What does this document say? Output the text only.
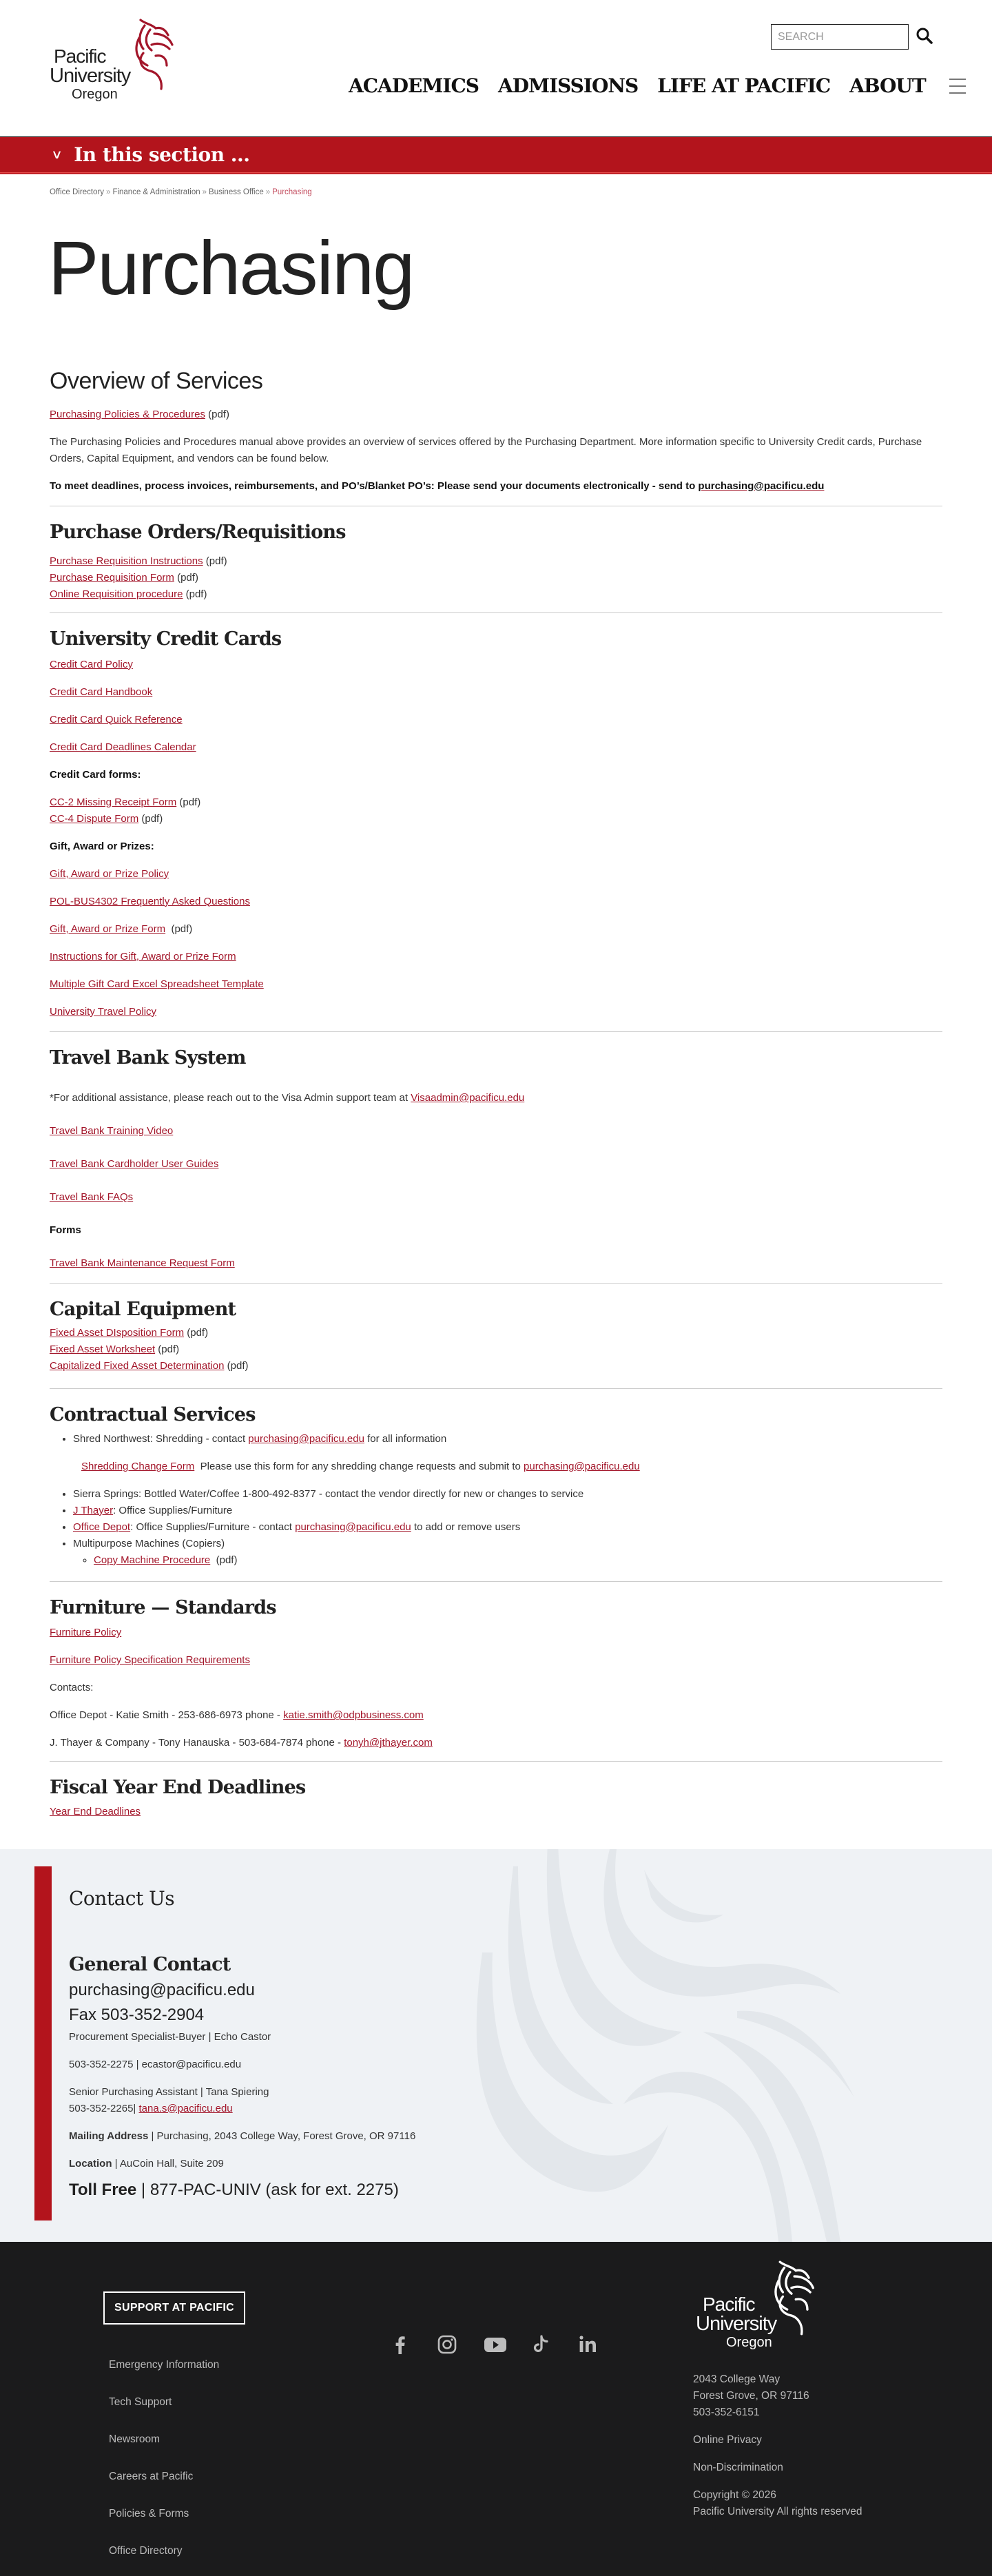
Pacific
University
Oregon
SEARCH	ACADEMICS ADMISSIONS LIFE AT PACIFIC ABOUT
∨ In this section ...
Office Directory » Finance & Administration » Business Office » Purchasing
Purchasing
Overview of Services

Purchasing Policies & Procedures (pdf)

The Purchasing Policies and Procedures manual above provides an overview of services offered by the Purchasing Department. More information specific to University Credit cards, Purchase Orders, Capital Equipment, and vendors can be found below.

To meet deadlines, process invoices, reimbursements, and PO’s/Blanket PO’s: Please send your documents electronically - send to purchasing@pacificu.edu

Purchase Orders/Requisitions

Purchase Requisition Instructions (pdf)

Purchase Requisition Form (pdf)

Online Requisition procedure (pdf)

University Credit Cards

Credit Card Policy

Credit Card Handbook

Credit Card Quick Reference

Credit Card Deadlines Calendar

Credit Card forms:

CC-2 Missing Receipt Form (pdf)

CC-4 Dispute Form (pdf)

Gift, Award or Prizes:

Gift, Award or Prize Policy

POL-BUS4302 Frequently Asked Questions

Gift, Award or Prize Form (pdf)

Instructions for Gift, Award or Prize Form

Multiple Gift Card Excel Spreadsheet Template

University Travel Policy

Travel Bank System

*For additional assistance, please reach out to the Visa Admin support team at Visaadmin@pacificu.edu

Travel Bank Training Video

Travel Bank Cardholder User Guides

Travel Bank FAQs

Forms

Travel Bank Maintenance Request Form

Capital Equipment

Fixed Asset DIsposition Form (pdf)

Fixed Asset Worksheet (pdf)

Capitalized Fixed Asset Determination (pdf)

Contractual Services
• Shred Northwest: Shredding - contact purchasing@pacificu.edu for all information

Shredding Change Form  Please use this form for any shredding change requests and submit to purchasing@pacificu.edu

• Sierra Springs: Bottled Water/Coffee 1-800-492-8377 - contact the vendor directly for new or changes to service
• J Thayer: Office Supplies/Furniture
• Office Depot: Office Supplies/Furniture - contact purchasing@pacificu.edu to add or remove users
• Multipurpose Machines (Copiers)
◦ Copy Machine Procedure (pdf)
Furniture — Standards

Furniture Policy

Furniture Policy Specification Requirements

Contacts:

Office Depot - Katie Smith - 253-686-6973 phone - katie.smith@odpbusiness.com

J. Thayer & Company - Tony Hanauska - 503-684-7874 phone - tonyh@jthayer.com

Fiscal Year End Deadlines

Year End Deadlines

Contact Us
General Contact
purchasing@pacificu.edu
Fax 503-352-2904
Procurement Specialist-Buyer | Echo Castor
503-352-2275 | ecastor@pacificu.edu
Senior Purchasing Assistant | Tana Spiering
503-352-2265| tana.s@pacificu.edu
Mailing Address | Purchasing, 2043 College Way, Forest Grove, OR 97116
Location | AuCoin Hall, Suite 209
Toll Free | 877-PAC-UNIV (ask for ext. 2275)
SUPPORT AT PACIFIC
Emergency Information
Tech Support
Newsroom
Careers at Pacific
Policies & Forms
Office Directory
Pacific
University
Oregon
2043 College Way
Forest Grove, OR 97116
503-352-6151
Online Privacy
Non-Discrimination
Copyright © 2026
Pacific University All rights reserved
